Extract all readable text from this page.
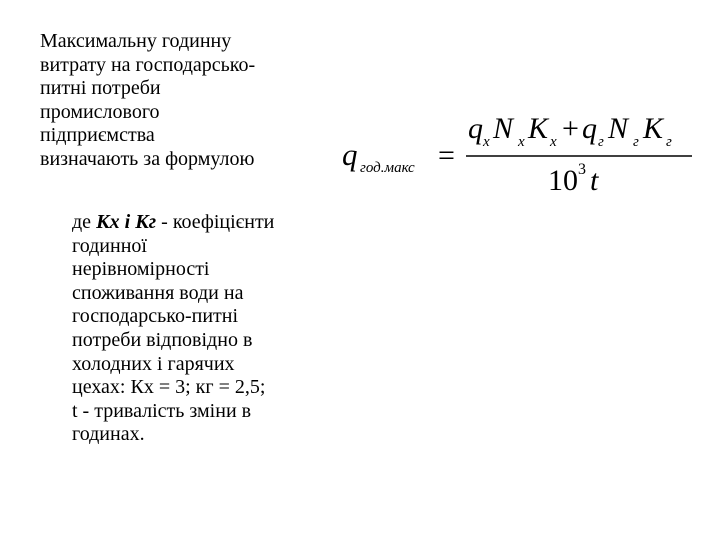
Максимальну годинну
витрату на господарсько-
питні потреби
промислового
підприємства
визначають за формулою

де Кх і Кг - коефіцієнти
годинної
нерівномірності
споживання води на
господарсько-питні
потреби відповідно в
холодних і гарячих
цехах: Кх = 3; кг = 2,5;
t - тривалість зміни в
годинах.

q год.макс =
q x N x K x + q г N г K г
10 3 t
